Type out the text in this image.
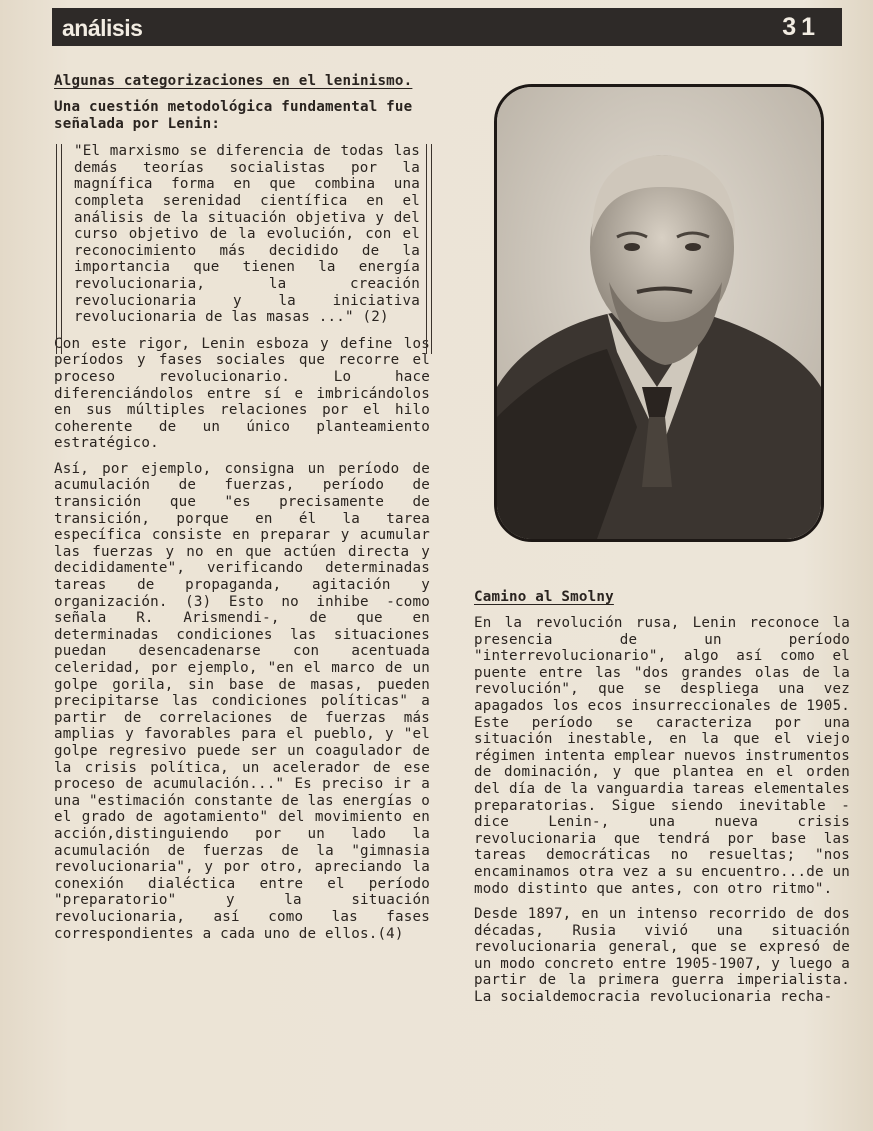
análisis	31
Algunas categorizaciones en el leninismo.
Una cuestión metodológica fundamental fue señalada por Lenin:

"El marxismo se diferencia de todas las demás teorías socialistas por la magnífica forma en que combina una completa serenidad científica en el análisis de la situación objetiva y del curso objetivo de la evolución, con el reconocimiento más decidido de la importancia que tienen la energía revolucionaria, la creación revolucionaria y la iniciativa revolucionaria de las masas ..." (2)

Con este rigor, Lenin esboza y define los períodos y fases sociales que recorre el proceso revolucionario. Lo hace diferenciándolos entre sí e imbricándolos en sus múltiples relaciones por el hilo coherente de un único planteamiento estratégico.

Así, por ejemplo, consigna un período de acumulación de fuerzas, período de transición que "es precisamente de transición, porque en él la tarea específica consiste en preparar y acumular las fuerzas y no en que actúen directa y decididamente", verificando determinadas tareas de propaganda, agitación y organización. (3) Esto no inhibe -como señala R. Arismendi-, de que en determinadas condiciones las situaciones puedan desencadenarse con acentuada celeridad, por ejemplo, "en el marco de un golpe gorila, sin base de masas, pueden precipitarse las condiciones políticas" a partir de correlaciones de fuerzas más amplias y favorables para el pueblo, y "el golpe regresivo puede ser un coagulador de la crisis política, un acelerador de ese proceso de acumulación..." Es preciso ir a una "estimación constante de las energías o el grado de agotamiento" del movimiento en acción,distinguiendo por un lado la acumulación de fuerzas de la "gimnasia revolucionaria", y por otro, apreciando la conexión dialéctica entre el período "preparatorio" y la situación revolucionaria, así como las fases correspondientes a cada uno de ellos.(4)

Camino al Smolny

En la revolución rusa, Lenin reconoce la presencia de un período "interrevolucionario", algo así como el puente entre las "dos grandes olas de la revolución", que se despliega una vez apagados los ecos insurreccionales de 1905. Este período se caracteriza por una situación inestable, en la que el viejo régimen intenta emplear nuevos instrumentos de dominación, y que plantea en el orden del día de la vanguardia tareas elementales preparatorias. Sigue siendo inevitable -dice Lenin-, una nueva crisis revolucionaria que tendrá por base las tareas democráticas no resueltas; "nos encaminamos otra vez a su encuentro...de un modo distinto que antes, con otro ritmo".

Desde 1897, en un intenso recorrido de dos décadas, Rusia vivió una situación revolucionaria general, que se expresó de un modo concreto entre 1905-1907, y luego a partir de la primera guerra imperialista. La socialdemocracia revolucionaria recha-
